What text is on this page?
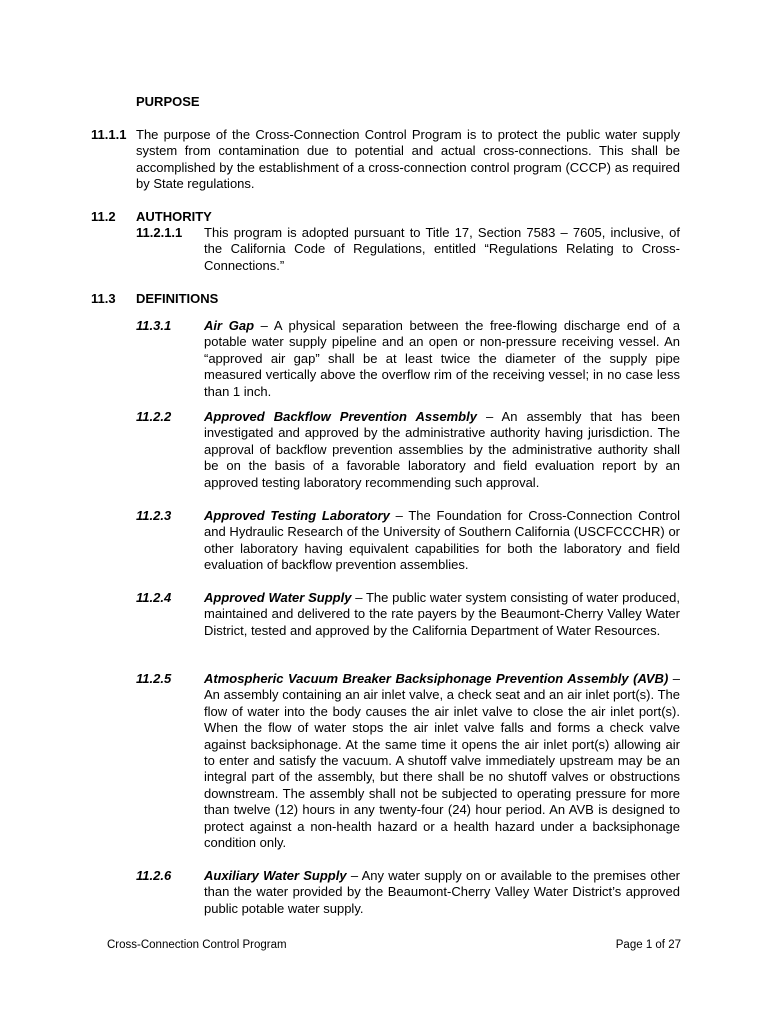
PURPOSE
11.1.1 The purpose of the Cross-Connection Control Program is to protect the public water supply system from contamination due to potential and actual cross-connections. This shall be accomplished by the establishment of a cross-connection control program (CCCP) as required by State regulations.
11.2 AUTHORITY
11.2.1.1 This program is adopted pursuant to Title 17, Section 7583 – 7605, inclusive, of the California Code of Regulations, entitled “Regulations Relating to Cross-Connections.”
11.3 DEFINITIONS
11.3.1	Air Gap – A physical separation between the free-flowing discharge end of a potable water supply pipeline and an open or non-pressure receiving vessel. An “approved air gap” shall be at least twice the diameter of the supply pipe measured vertically above the overflow rim of the receiving vessel; in no case less than 1 inch.
11.2.2	Approved Backflow Prevention Assembly – An assembly that has been investigated and approved by the administrative authority having jurisdiction. The approval of backflow prevention assemblies by the administrative authority shall be on the basis of a favorable laboratory and field evaluation report by an approved testing laboratory recommending such approval.
11.2.3	Approved Testing Laboratory – The Foundation for Cross-Connection Control and Hydraulic Research of the University of Southern California (USCFCCCHR) or other laboratory having equivalent capabilities for both the laboratory and field evaluation of backflow prevention assemblies.
11.2.4	Approved Water Supply – The public water system consisting of water produced, maintained and delivered to the rate payers by the Beaumont-Cherry Valley Water District, tested and approved by the California Department of Water Resources.
11.2.5	Atmospheric Vacuum Breaker Backsiphonage Prevention Assembly (AVB) – An assembly containing an air inlet valve, a check seat and an air inlet port(s). The flow of water into the body causes the air inlet valve to close the air inlet port(s). When the flow of water stops the air inlet valve falls and forms a check valve against backsiphonage. At the same time it opens the air inlet port(s) allowing air to enter and satisfy the vacuum. A shutoff valve immediately upstream may be an integral part of the assembly, but there shall be no shutoff valves or obstructions downstream. The assembly shall not be subjected to operating pressure for more than twelve (12) hours in any twenty-four (24) hour period. An AVB is designed to protect against a non-health hazard or a health hazard under a backsiphonage condition only.
11.2.6	Auxiliary Water Supply – Any water supply on or available to the premises other than the water provided by the Beaumont-Cherry Valley Water District’s approved public potable water supply.
Cross-Connection Control Program	Page 1 of 27
